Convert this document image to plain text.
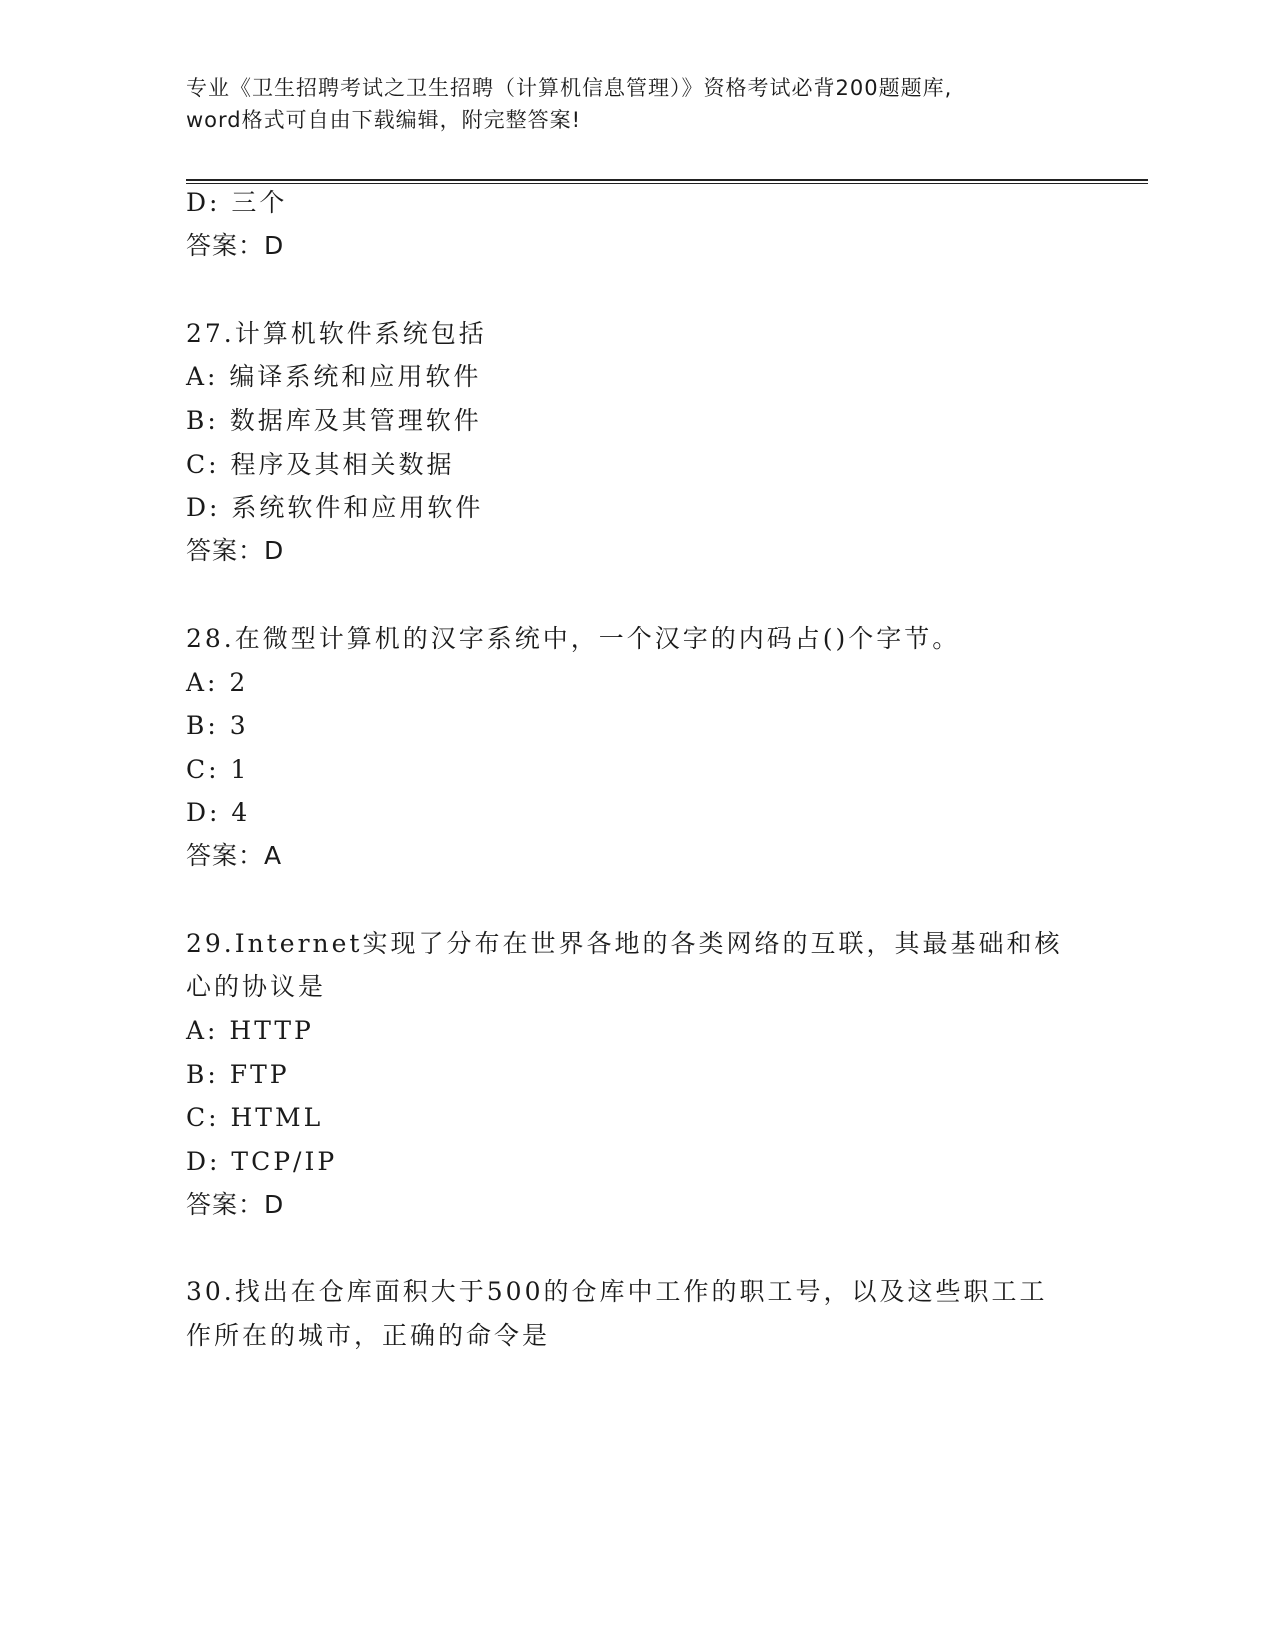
专业《卫生招聘考试之卫生招聘（计算机信息管理）》资格考试必背200题题库,
word格式可自由下载编辑，附完整答案!
D: 三个
答案：D
27.计算机软件系统包括
A: 编译系统和应用软件
B: 数据库及其管理软件
C: 程序及其相关数据
D: 系统软件和应用软件
答案：D
28.在微型计算机的汉字系统中，一个汉字的内码占()个字节。
A: 2
B: 3
C: 1
D: 4
答案：A
29.Internet实现了分布在世界各地的各类网络的互联，其最基础和核
心的协议是
A: HTTP
B: FTP
C: HTML
D: TCP/IP
答案：D
30.找出在仓库面积大于500的仓库中工作的职工号，以及这些职工工
作所在的城市，正确的命令是
